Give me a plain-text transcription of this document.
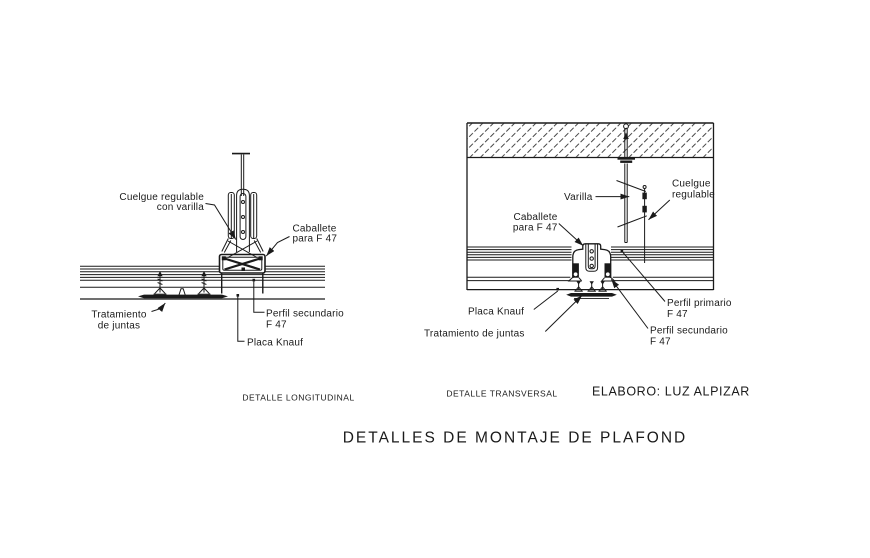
Cuelgue regulable
con varilla
Caballete
para F 47
Tratamiento
de juntas
Perfil secundario
F 47
Placa Knauf
Varilla
Cuelgue
regulable
Caballete
para F 47
Placa Knauf
Tratamiento de juntas
Perfil primario
F 47
Perfil secundario
F 47
DETALLE LONGITUDINAL	DETALLE TRANSVERSAL	ELABORO: LUZ ALPIZAR
DETALLES DE MONTAJE DE PLAFOND
